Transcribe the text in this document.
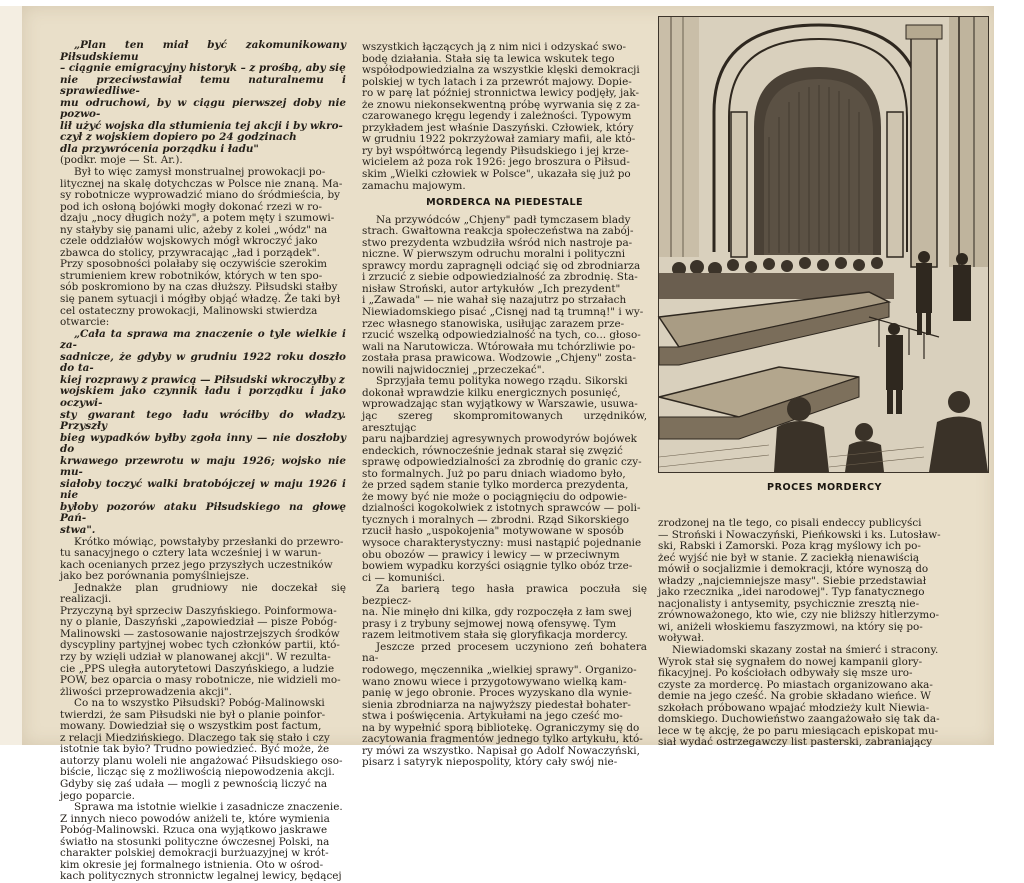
„Plan ten miał być zakomunikowany Piłsudskiemu
– ciągnie emigracyjny historyk – z prośbą, aby się
nie przeciwstawiał temu naturalnemu i sprawiedliwe-
mu odruchowi, by w ciągu pierwszej doby nie pozwo-
lił użyć wojska dla stłumienia tej akcji i by wkro-
czył z wojskiem dopiero po 24 godzinach
dla przywrócenia porządku i ładu"

(podkr. moje — St. Ar.).

Był to więc zamysł monstrualnej prowokacji po-
litycznej na skalę dotychczas w Polsce nie znaną. Ma-
sy robotnicze wyprowadzić miano do śródmieścia, by
pod ich osłoną bojówki mogły dokonać rzezi w ro-
dzaju „nocy długich noży", a potem męty i szumowi-
ny stałyby się panami ulic, ażeby z kolei „wódz" na
czele oddziałów wojskowych mógł wkroczyć jako
zbawca do stolicy, przywracając „ład i porządek".
Przy sposobności polałaby się oczywiście szerokim
strumieniem krew robotników, których w ten spo-
sób poskromiono by na czas dłuższy. Piłsudski stałby
się panem sytuacji i mógłby objąć władzę. Że taki był
cel ostateczny prowokacji, Malinowski stwierdza
otwarcie:

„Cała ta sprawa ma znaczenie o tyle wielkie i za-
sadnicze, że gdyby w grudniu 1922 roku doszło do ta-
kiej rozprawy z prawicą — Piłsudski wkroczyłby z
wojskiem jako czynnik ładu i porządku i jako oczywi-
sty gwarant tego ładu wróciłby do władzy. Przyszły
bieg wypadków byłby zgoła inny — nie doszłoby do
krwawego przewrotu w maju 1926; wojsko nie mu-
siałoby toczyć walki bratobójczej w maju 1926 i nie
byłoby pozorów ataku Piłsudskiego na głowę Pań-
stwa".

Krótko mówiąc, powstałyby przesłanki do przewro-
tu sanacyjnego o cztery lata wcześniej i w warun-
kach ocenianych przez jego przyszłych uczestników
jako bez porównania pomyślniejsze.

Jednakże plan grudniowy nie doczekał się realizacji.
Przyczyną był sprzeciw Daszyńskiego. Poinformowa-
ny o planie, Daszyński „zapowiedział — pisze Pobóg-
Malinowski — zastosowanie najostrzejszych środków
dyscypliny partyjnej wobec tych członków partii, któ-
rzy by wzięli udział w planowanej akcji". W rezulta-
cie „PPS uległa autorytetowi Daszyńskiego, a ludzie
POW, bez oparcia o masy robotnicze, nie widzieli mo-
żliwości przeprowadzenia akcji".

Co na to wszystko Piłsudski? Pobóg-Malinowski
twierdzi, że sam Piłsudski nie był o planie poinfor-
mowany. Dowiedział się o wszystkim post factum,
z relacji Miedzińskiego. Dlaczego tak się stało i czy
istotnie tak było? Trudno powiedzieć. Być może, że
autorzy planu woleli nie angażować Piłsudskiego oso-
biście, licząc się z możliwością niepowodzenia akcji.
Gdyby się zaś udała — mogli z pewnością liczyć na
jego poparcie.

Sprawa ma istotnie wielkie i zasadnicze znaczenie.
Z innych nieco powodów aniżeli te, które wymienia
Pobóg-Malinowski. Rzuca ona wyjątkowo jaskrawe
światło na stosunki polityczne ówczesnej Polski, na
charakter polskiej demokracji burżuazyjnej w krót-
kim okresie jej formalnego istnienia. Oto w ośrod-
kach politycznych stronnictw legalnej lewicy, będącej

wszystkich łączących ją z nim nici i odzyskać swo-
bodę działania. Stała się ta lewica wskutek tego
współodpowiedzialna za wszystkie klęski demokracji
polskiej w tych latach i za przewrót majowy. Dopie-
ro w parę lat później stronnictwa lewicy podjęły, jak-
że znowu niekonsekwentną próbę wyrwania się z za-
czarowanego kręgu legendy i zależności. Typowym
przykładem jest właśnie Daszyński. Człowiek, który
w grudniu 1922 pokrzyżował zamiary mafii, ale któ-
ry był współtwórcą legendy Piłsudskiego i jej krze-
wicielem aż poza rok 1926: jego broszura o Piłsud-
skim „Wielki człowiek w Polsce", ukazała się już po
zamachu majowym.

MORDERCA NA PIEDESTALE

Na przywódców „Chjeny" padł tymczasem blady
strach. Gwałtowna reakcja społeczeństwa na zabój-
stwo prezydenta wzbudziła wśród nich nastroje pa-
niczne. W pierwszym odruchu moralni i polityczni
sprawcy mordu zapragnęli odciąć się od zbrodniarza
i zrzucić z siebie odpowiedzialność za zbrodnię. Sta-
nisław Stroński, autor artykułów „Ich prezydent"
i „Zawada" — nie wahał się nazajutrz po strzałach
Niewiadomskiego pisać „Cisnęj nad tą trumną!" i wy-
rzec własnego stanowiska, usiłując zarazem prze-
rzucić wszelką odpowiedzialność na tych, co... głoso-
wali na Narutowicza. Wtórowała mu tchórzliwie po-
została prasa prawicowa. Wodzowie „Chjeny" zosta-
nowili najwidoczniej „przeczekać".

Sprzyjała temu polityka nowego rządu. Sikorski
dokonał wprawdzie kilku energicznych posunięć,
wprowadzając stan wyjątkowy w Warszawie, usuwa-
jąc szereg skompromitowanych urzędników, aresztując
paru najbardziej agresywnych prowodyrów bojówek
endeckich, równocześnie jednak starał się zwęzić
sprawę odpowiedzialności za zbrodnię do granic czy-
sto formalnych. Już po paru dniach wiadomo było,
że przed sądem stanie tylko morderca prezydenta,
że mowy być nie może o pociągnięciu do odpowie-
dzialności kogokolwiek z istotnych sprawców — poli-
tycznych i moralnych — zbrodni. Rząd Sikorskiego
rzucił hasło „uspokojenia" motywowane w sposób
wysoce charakterystyczny: musi nastąpić pojednanie
obu obozów — prawicy i lewicy — w przeciwnym
bowiem wypadku korzyści osiągnie tylko obóz trze-
ci — komuniści.

Za barierą tego hasła prawica poczuła się bezpiecz-
na. Nie minęło dni kilka, gdy rozpoczęła z łam swej
prasy i z trybuny sejmowej nową ofensywę. Tym
razem leitmotivem stała się gloryfikacja mordercy.

Jeszcze przed procesem uczyniono zeń bohatera na-
rodowego, męczennika „wielkiej sprawy". Organizo-
wano znowu wiece i przygotowywano wielką kam-
panię w jego obronie. Proces wyzyskano dla wynie-
sienia zbrodniarza na najwyższy piedestał bohater-
stwa i poświęcenia. Artykułami na jego cześć mo-
na by wypełnić sporą bibliotekę. Ograniczymy się do
zacytowania fragmentów jednego tylko artykułu, któ-
ry mówi za wszystko. Napisał go Adolf Nowaczyński,
pisarz i satyryk niepospolity, który cały swój nie-

PROCES MORDERCY

zrodzonej na tle tego, co pisali endeccy publicyści
— Stroński i Nowaczyński, Pieńkowski i ks. Lutosław-
ski, Rabski i Zamorski. Poza krąg myślowy ich po-
żeć wyjść nie był w stanie. Z zaciekłą nienawiścią
mówił o socjalizmie i demokracji, które wynoszą do
władzy „najciemniejsze masy". Siebie przedstawiał
jako rzecznika „idei narodowej". Typ fanatycznego
nacjonalisty i antysemity, psychicznie zresztą nie-
zrównoważonego, kto wie, czy nie bliższy hitlerzymo-
wi, aniżeli włoskiemu faszyzmowi, na który się po-
woływał.

Niewiadomski skazany został na śmierć i stracony.
Wyrok stał się sygnałem do nowej kampanii glory-
fikacyjnej. Po kościołach odbywały się msze uro-
czyste za mordercę. Po miastach organizowano aka-
demie na jego cześć. Na grobie składano wieńce. W
szkołach próbowano wpajać młodzieży kult Niewia-
domskiego. Duchowieństwo zaangażowało się tak da-
lece w tę akcję, że po paru miesiącach episkopat mu-
siał wydać ostrzegawczy list pasterski, zabraniający
